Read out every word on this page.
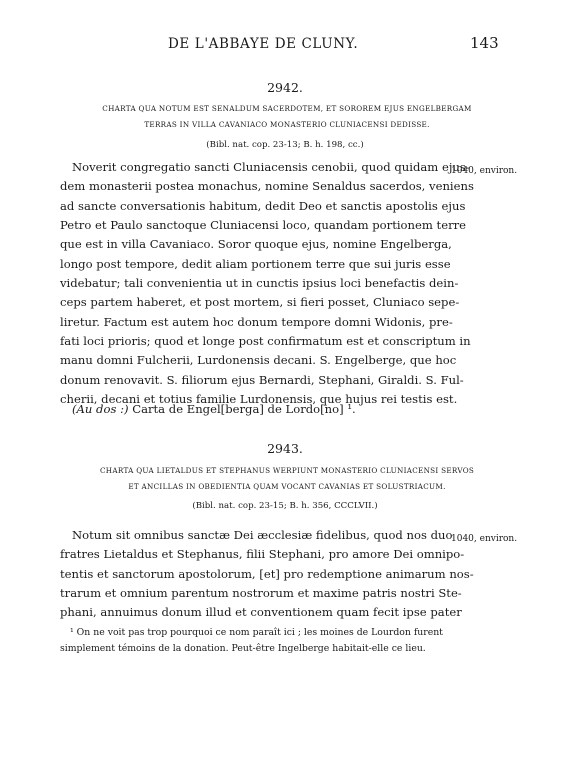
DE L'ABBAYE DE CLUNY.	143
2942.
CHARTA QUA NOTUM EST SENALDUM SACERDOTEM, ET SOROREM EJUS ENGELBERGAM
TERRAS IN VILLA CAVANIACO MONASTERIO CLUNIACENSI DEDISSE.
(Bibl. nat. cop. 23-13; B. h. 198, cc.)
1040, environ.
Noverit congregatio sancti Cluniacensis cenobii, quod quidam ejus-
dem monasterii postea monachus, nomine Senaldus sacerdos, veniens
ad sancte conversationis habitum, dedit Deo et sanctis apostolis ejus
Petro et Paulo sanctoque Cluniacensi loco, quandam portionem terre
que est in villa Cavaniaco. Soror quoque ejus, nomine Engelberga,
longo post tempore, dedit aliam portionem terre que sui juris esse
videbatur; tali convenientia ut in cunctis ipsius loci benefactis dein-
ceps partem haberet, et post mortem, si fieri posset, Cluniaco sepe-
liretur. Factum est autem hoc donum tempore domni Widonis, pre-
fati loci prioris; quod et longe post confirmatum est et conscriptum in
manu domni Fulcherii, Lurdonensis decani. S. Engelberge, que hoc
donum renovavit. S. filiorum ejus Bernardi, Stephani, Giraldi. S. Ful-
cherii, decani et totius familie Lurdonensis, que hujus rei testis est.
(Au dos :) Carta de Engel[berga] de Lordo[no] ¹.
2943.
CHARTA QUA LIETALDUS ET STEPHANUS WERPIUNT MONASTERIO CLUNIACENSI SERVOS
ET ANCILLAS IN OBEDIENTIA QUAM VOCANT CAVANIAS ET SOLUSTRIACUM.
(Bibl. nat. cop. 23-15; B. h. 356, CCCLVII.)
1040, environ.
Notum sit omnibus sanctæ Dei æcclesiæ fidelibus, quod nos duo
fratres Lietaldus et Stephanus, filii Stephani, pro amore Dei omnipo-
tentis et sanctorum apostolorum, [et] pro redemptione animarum nos-
trarum et omnium parentum nostrorum et maxime patris nostri Ste-
phani, annuimus donum illud et conventionem quam fecit ipse pater
¹ On ne voit pas trop pourquoi ce nom paraît ici ; les moines de Lourdon furent
simplement témoins de la donation. Peut-être Ingelberge habitait-elle ce lieu.
